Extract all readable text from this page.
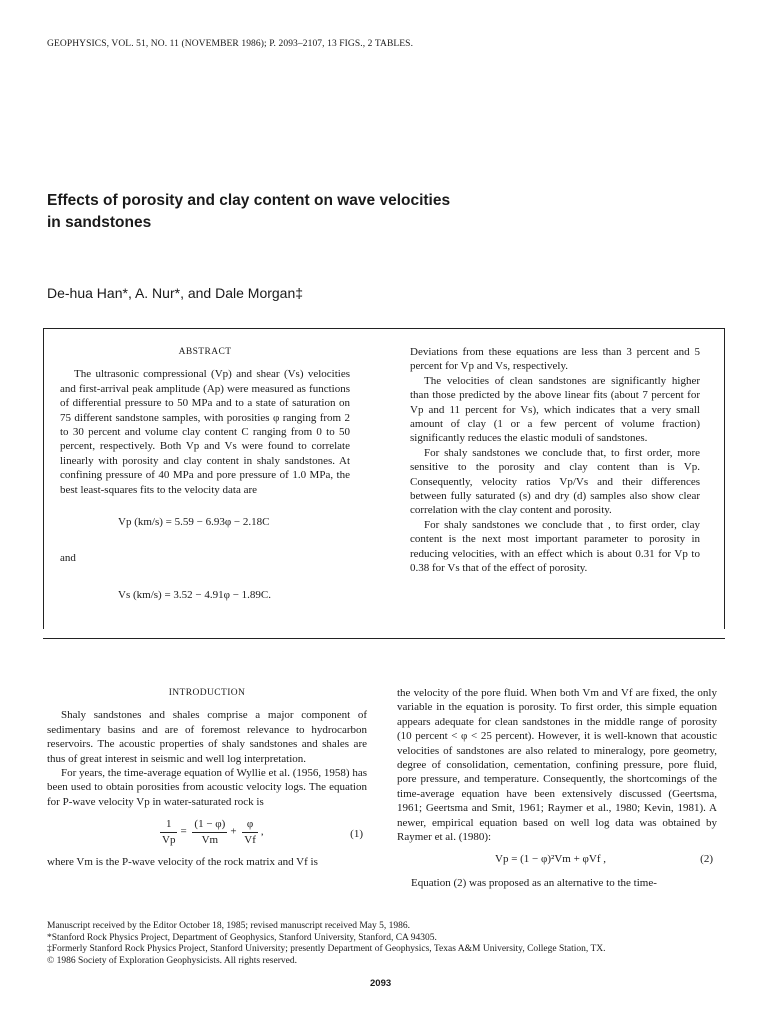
GEOPHYSICS, VOL. 51, NO. 11 (NOVEMBER 1986); P. 2093–2107, 13 FIGS., 2 TABLES.
Effects of porosity and clay content on wave velocities
in sandstones
De-hua Han*, A. Nur*, and Dale Morgan‡
ABSTRACT

The ultrasonic compressional (Vp) and shear (Vs) velocities and first-arrival peak amplitude (Ap) were measured as functions of differential pressure to 50 MPa and to a state of saturation on 75 different sandstone samples, with porosities φ ranging from 2 to 30 percent and volume clay content C ranging from 0 to 50 percent, respectively. Both Vp and Vs were found to correlate linearly with porosity and clay content in shaly sandstones. At confining pressure of 40 MPa and pore pressure of 1.0 MPa, the best least-squares fits to the velocity data are

Vp (km/s) = 5.59 − 6.93φ − 2.18C
and
Vs (km/s) = 3.52 − 4.91φ − 1.89C.

Deviations from these equations are less than 3 percent and 5 percent for Vp and Vs, respectively.

The velocities of clean sandstones are significantly higher than those predicted by the above linear fits (about 7 percent for Vp and 11 percent for Vs), which indicates that a very small amount of clay (1 or a few percent of volume fraction) significantly reduces the elastic moduli of sandstones.

For shaly sandstones we conclude that, to first order, more sensitive to the porosity and clay content than is Vp. Consequently, velocity ratios Vp/Vs and their differences between fully saturated (s) and dry (d) samples also show clear correlation with the clay content and porosity.

For shaly sandstones we conclude that , to first order, clay content is the next most important parameter to porosity in reducing velocities, with an effect which is about 0.31 for Vp to 0.38 for Vs that of the effect of porosity.

INTRODUCTION

Shaly sandstones and shales comprise a major component of sedimentary basins and are of foremost relevance to hydrocarbon reservoirs. The acoustic properties of shaly sandstones and shales are thus of great interest in seismic and well log interpretation.

For years, the time-average equation of Wyllie et al. (1956, 1958) has been used to obtain porosities from acoustic velocity logs. The equation for P-wave velocity Vp in water-saturated rock is

$\frac{1}{Vp} = \frac{(1 - \varphi)}{Vm} + \frac{\varphi}{Vf}$ ,	(1)

where Vm is the P-wave velocity of the rock matrix and Vf is

the velocity of the pore fluid. When both Vm and Vf are fixed, the only variable in the equation is porosity. To first order, this simple equation appears adequate for clean sandstones in the middle range of porosity (10 percent < φ < 25 percent). However, it is well-known that acoustic velocities of sandstones are also related to mineralogy, pore geometry, degree of consolidation, cementation, confining pressure, pore fluid, pore pressure, and temperature. Consequently, the shortcomings of the time-average equation have been extensively discussed (Geertsma, 1961; Geertsma and Smit, 1961; Raymer et al., 1980; Kevin, 1981). A newer, empirical equation based on well log data was obtained by Raymer et al. (1980):

Vp = (1 − φ)²Vm + φVf ,	(2)

Equation (2) was proposed as an alternative to the time-

Manuscript received by the Editor October 18, 1985; revised manuscript received May 5, 1986.
*Stanford Rock Physics Project, Department of Geophysics, Stanford University, Stanford, CA 94305.
‡Formerly Stanford Rock Physics Project, Stanford University; presently Department of Geophysics, Texas A&M University, College Station, TX.
© 1986 Society of Exploration Geophysicists. All rights reserved.
2093
